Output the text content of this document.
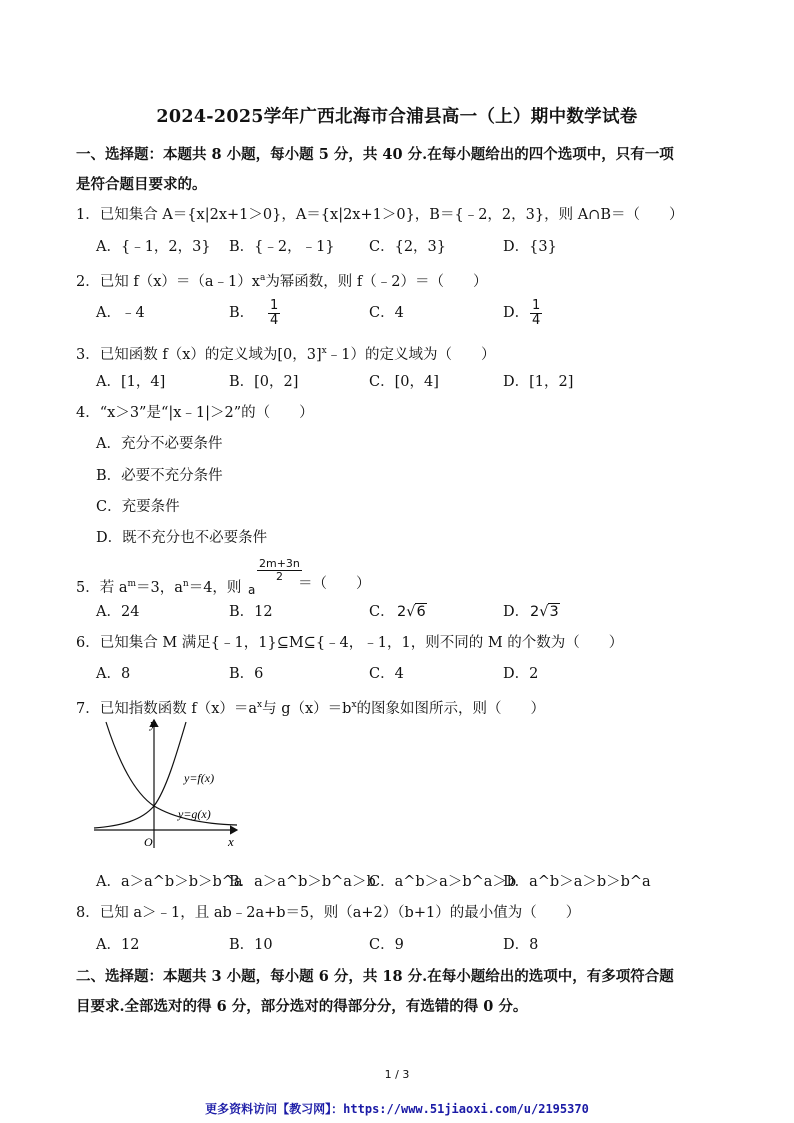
2024-2025学年广西北海市合浦县高一（上）期中数学试卷
一、选择题：本题共 8 小题，每小题 5 分，共 40 分.在每小题给出的四个选项中，只有一项
是符合题目要求的。
1．已知集合 A＝{x|2x+1＞0}，A＝{x|2x+1＞0}，B＝{﹣2，2，3}，则 A∩B＝（　　）
A．{﹣1，2，3} B．{﹣2，﹣1} C．{2，3}	D．{3}
2．已知 $f(x)=(a﹣1)x^a$为幂函数，则 f（﹣2）＝（　　）
A．﹣4	B． $\frac{1}{4}$	C．4	D． $\frac{1}{4}$
3．已知函数 f（x）的定义域为[0，3]$^x$﹣1）的定义域为（　　）
A．[1，4]	B．[0，2]	C．[0，4]	D．[1，2]
4．“x＞3”是“|x﹣1|＞2”的（　　）
A．充分不必要条件
B．必要不充分条件
C．充要条件
D．既不充分也不必要条件
5．若 $a^m=3$，$a^n=4$，则 a
$\frac{2m+3n}{2}$
＝（　　）
A．24	B．12	C． 2√6	D． 2√3
6．已知集合 M 满足{﹣1，1}⊆M⊆{﹣4，﹣1，1，则不同的 M 的个数为（　　）
A．8	B．6	C．4	D．2
7．已知指数函数 $f(x)=a^x$与 $g(x)=b^x$的图象如图所示，则（　　）
y
x
O
y=f(x)
y=g(x)
A．a＞a^b＞b＞b^a
B．a＞a^b＞b^a＞b
C．a^b＞a＞b^a＞b
D．a^b＞a＞b＞b^a
8．已知 a＞﹣1，且 ab﹣2a+b＝5，则（a+2）（b+1）的最小值为（　　）
A．12	B．10	C．9	D．8
二、选择题：本题共 3 小题，每小题 6 分，共 18 分.在每小题给出的选项中，有多项符合题
目要求.全部选对的得 6 分，部分选对的得部分分，有选错的得 0 分。
1 / 3
更多资料访问【教习网】：https://www.51jiaoxi.com/u/2195370
